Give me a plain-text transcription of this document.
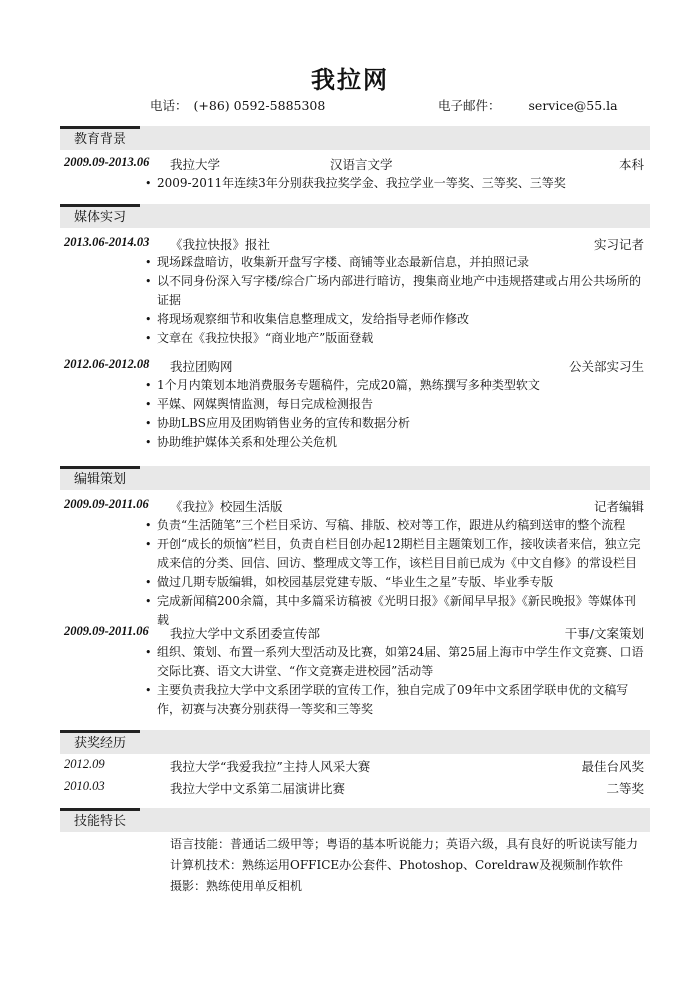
我拉网
电话： (+86) 0592-5885308	电子邮件： service@55.la
教育背景
2009.09-2013.06 我拉大学	汉语言文学	本科
• 2009-2011年连续3年分别获我拉奖学金、我拉学业一等奖、三等奖、三等奖
媒体实习
2013.06-2014.03 《我拉快报》报社	实习记者
• 现场踩盘暗访，收集新开盘写字楼、商铺等业态最新信息，并拍照记录
• 以不同身份深入写字楼/综合广场内部进行暗访，搜集商业地产中违规搭建或占用公共场所的证据
• 将现场观察细节和收集信息整理成文，发给指导老师作修改
• 文章在《我拉快报》“商业地产”版面登载
2012.06-2012.08 我拉团购网	公关部实习生
• 1个月内策划本地消费服务专题稿件，完成20篇，熟练撰写多种类型软文
• 平媒、网媒舆情监测，每日完成检测报告
• 协助LBS应用及团购销售业务的宣传和数据分析
• 协助维护媒体关系和处理公关危机
编辑策划
2009.09-2011.06 《我拉》校园生活版	记者编辑
• 负责“生活随笔”三个栏目采访、写稿、排版、校对等工作，跟进从约稿到送审的整个流程
• 开创“成长的烦恼”栏目，负责自栏目创办起12期栏目主题策划工作，接收读者来信，独立完成来信的分类、回信、回访、整理成文等工作，该栏目目前已成为《中文自修》的常设栏目
• 做过几期专版编辑，如校园基层党建专版、“毕业生之星”专版、毕业季专版
• 完成新闻稿200余篇，其中多篇采访稿被《光明日报》《新闻早早报》《新民晚报》等媒体刊载
2009.09-2011.06 我拉大学中文系团委宣传部	干事/文案策划
• 组织、策划、布置一系列大型活动及比赛，如第24届、第25届上海市中学生作文竞赛、口语交际比赛、语文大讲堂、“作文竞赛走进校园”活动等
• 主要负责我拉大学中文系团学联的宣传工作，独自完成了09年中文系团学联申优的文稿写作，初赛与决赛分别获得一等奖和三等奖
获奖经历
2012.09	我拉大学“我爱我拉”主持人风采大赛	最佳台风奖
2010.03	我拉大学中文系第二届演讲比赛	二等奖
技能特长
语言技能：普通话二级甲等；粤语的基本听说能力；英语六级，具有良好的听说读写能力
计算机技术：熟练运用OFFICE办公套件、Photoshop、Coreldraw及视频制作软件
摄影：熟练使用单反相机
